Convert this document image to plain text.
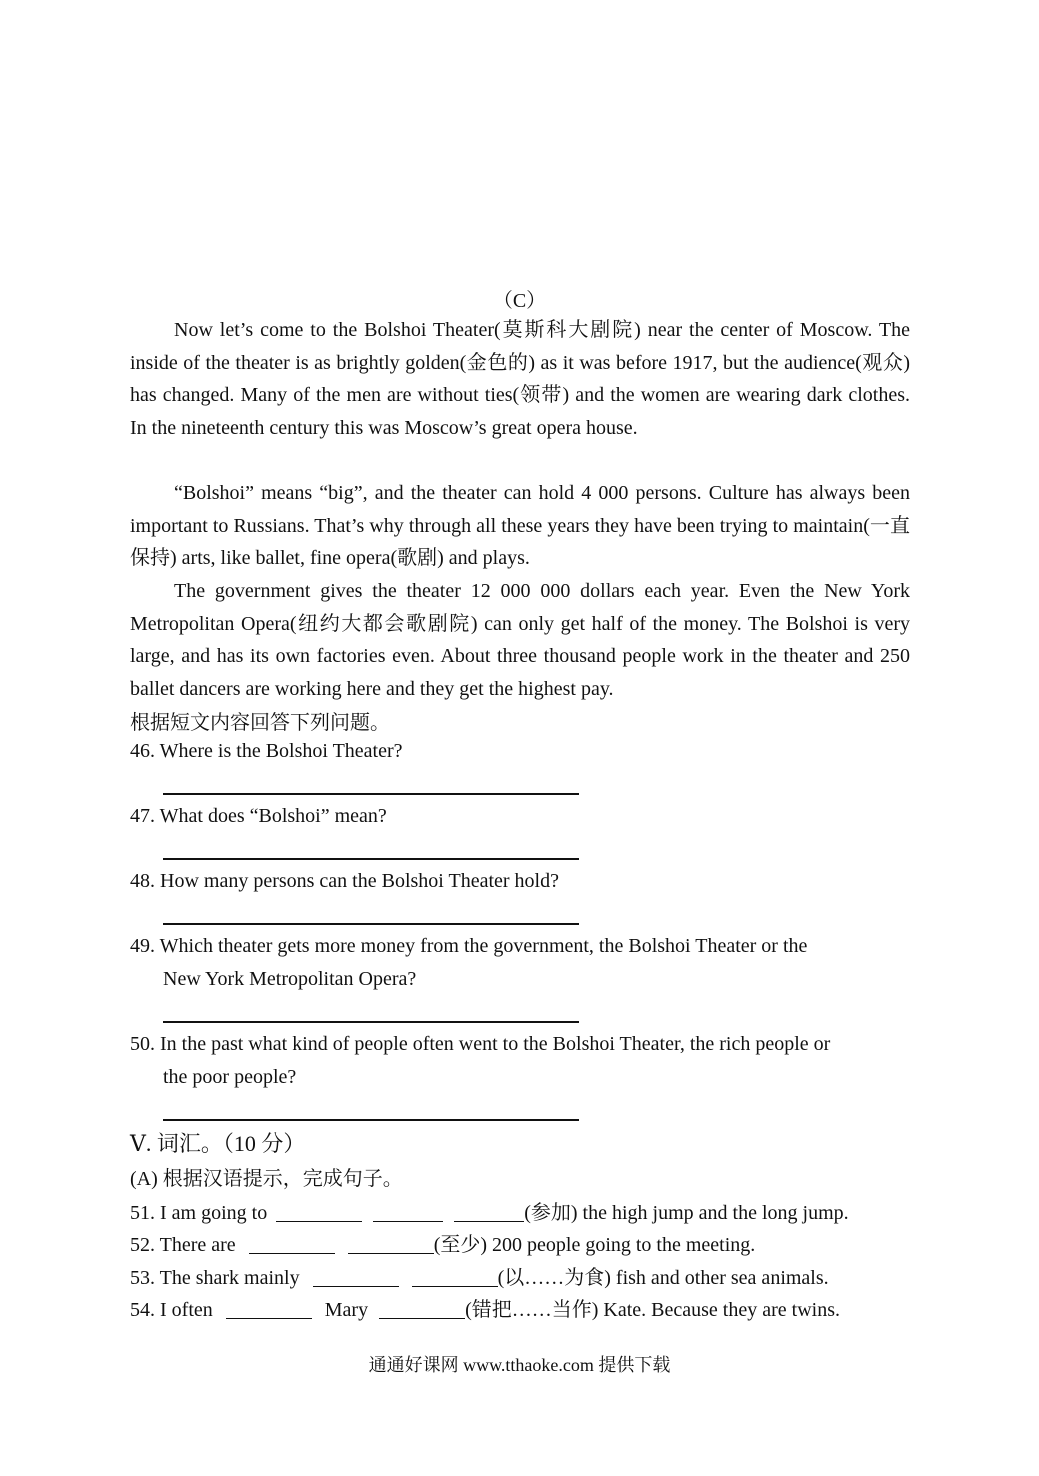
（C）

Now let’s come to the Bolshoi Theater(莫斯科大剧院) near the center of Moscow. The inside of the theater is as brightly golden(金色的) as it was before 1917, but the audience(观众) has changed. Many of the men are without ties(领带) and the women are wearing dark clothes. In the nineteenth century this was Moscow’s great opera house.

“Bolshoi” means “big”, and the theater can hold 4 000 persons. Culture has always been important to Russians. That’s why through all these years they have been trying to maintain(一直保持) arts, like ballet, fine opera(歌剧) and plays.

The government gives the theater 12 000 000 dollars each year. Even the New York Metropolitan Opera(纽约大都会歌剧院) can only get half of the money. The Bolshoi is very large, and has its own factories even. About three thousand people work in the theater and 250 ballet dancers are working here and they get the highest pay.

根据短文内容回答下列问题。
46. Where is the Bolshoi Theater?
47. What does “Bolshoi” mean?
48. How many persons can the Bolshoi Theater hold?
49. Which theater gets more money from the government, the Bolshoi Theater or the
New York Metropolitan Opera?
50. In the past what kind of people often went to the Bolshoi Theater, the rich people or
the poor people?
Ⅴ. 词汇。（10 分）
(A) 根据汉语提示，完成句子。
51. I am going to	(参加) the high jump and the long jump.
52. There are	(至少) 200 people going to the meeting.
53. The shark mainly	(以……为食) fish and other sea animals.
54. I often	Mary	(错把……当作) Kate. Because they are twins.
通通好课网 www.tthaoke.com 提供下载
